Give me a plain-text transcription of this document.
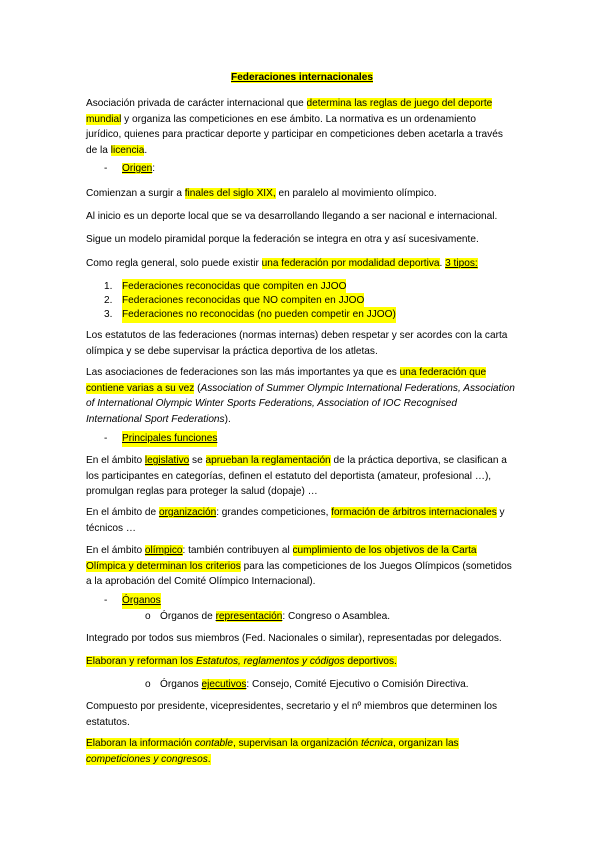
Federaciones internacionales
Asociación privada de carácter internacional que determina las reglas de juego del deporte
mundial y organiza las competiciones en ese ámbito. La normativa es un ordenamiento
jurídico, quienes para practicar deporte y participar en competiciones deben acetarla a través
de la licencia.
- Origen:
Comienzan a surgir a finales del siglo XIX, en paralelo al movimiento olímpico.
Al inicio es un deporte local que se va desarrollando llegando a ser nacional e internacional.
Sigue un modelo piramidal porque la federación se integra en otra y así sucesivamente.
Como regla general, solo puede existir una federación por modalidad deportiva. 3 tipos:
1. Federaciones reconocidas que compiten en JJOO
2. Federaciones reconocidas que NO compiten en JJOO
3. Federaciones no reconocidas (no pueden competir en JJOO)
Los estatutos de las federaciones (normas internas) deben respetar y ser acordes con la carta
olímpica y se debe supervisar la práctica deportiva de los atletas.
Las asociaciones de federaciones son las más importantes ya que es una federación que
contiene varias a su vez (Association of Summer Olympic International Federations, Association
of International Olympic Winter Sports Federations, Association of IOC Recognised
International Sport Federations).
- Principales funciones
En el ámbito legislativo se aprueban la reglamentación de la práctica deportiva, se clasifican a
los participantes en categorías, definen el estatuto del deportista (amateur, profesional …),
promulgan reglas para proteger la salud (dopaje) …
En el ámbito de organización: grandes competiciones, formación de árbitros internacionales y
técnicos …
En el ámbito olímpico: también contribuyen al cumplimiento de los objetivos de la Carta
Olímpica y determinan los criterios para las competiciones de los Juegos Olímpicos (sometidos
a la aprobación del Comité Olímpico Internacional).
- Órganos
o Órganos de representación: Congreso o Asamblea.
Integrado por todos sus miembros (Fed. Nacionales o similar), representadas por delegados.
Elaboran y reforman los Estatutos, reglamentos y códigos deportivos.
o Órganos ejecutivos: Consejo, Comité Ejecutivo o Comisión Directiva.
Compuesto por presidente, vicepresidentes, secretario y el nº miembros que determinen los
estatutos.
Elaboran la información contable, supervisan la organización técnica, organizan las
competiciones y congresos.
